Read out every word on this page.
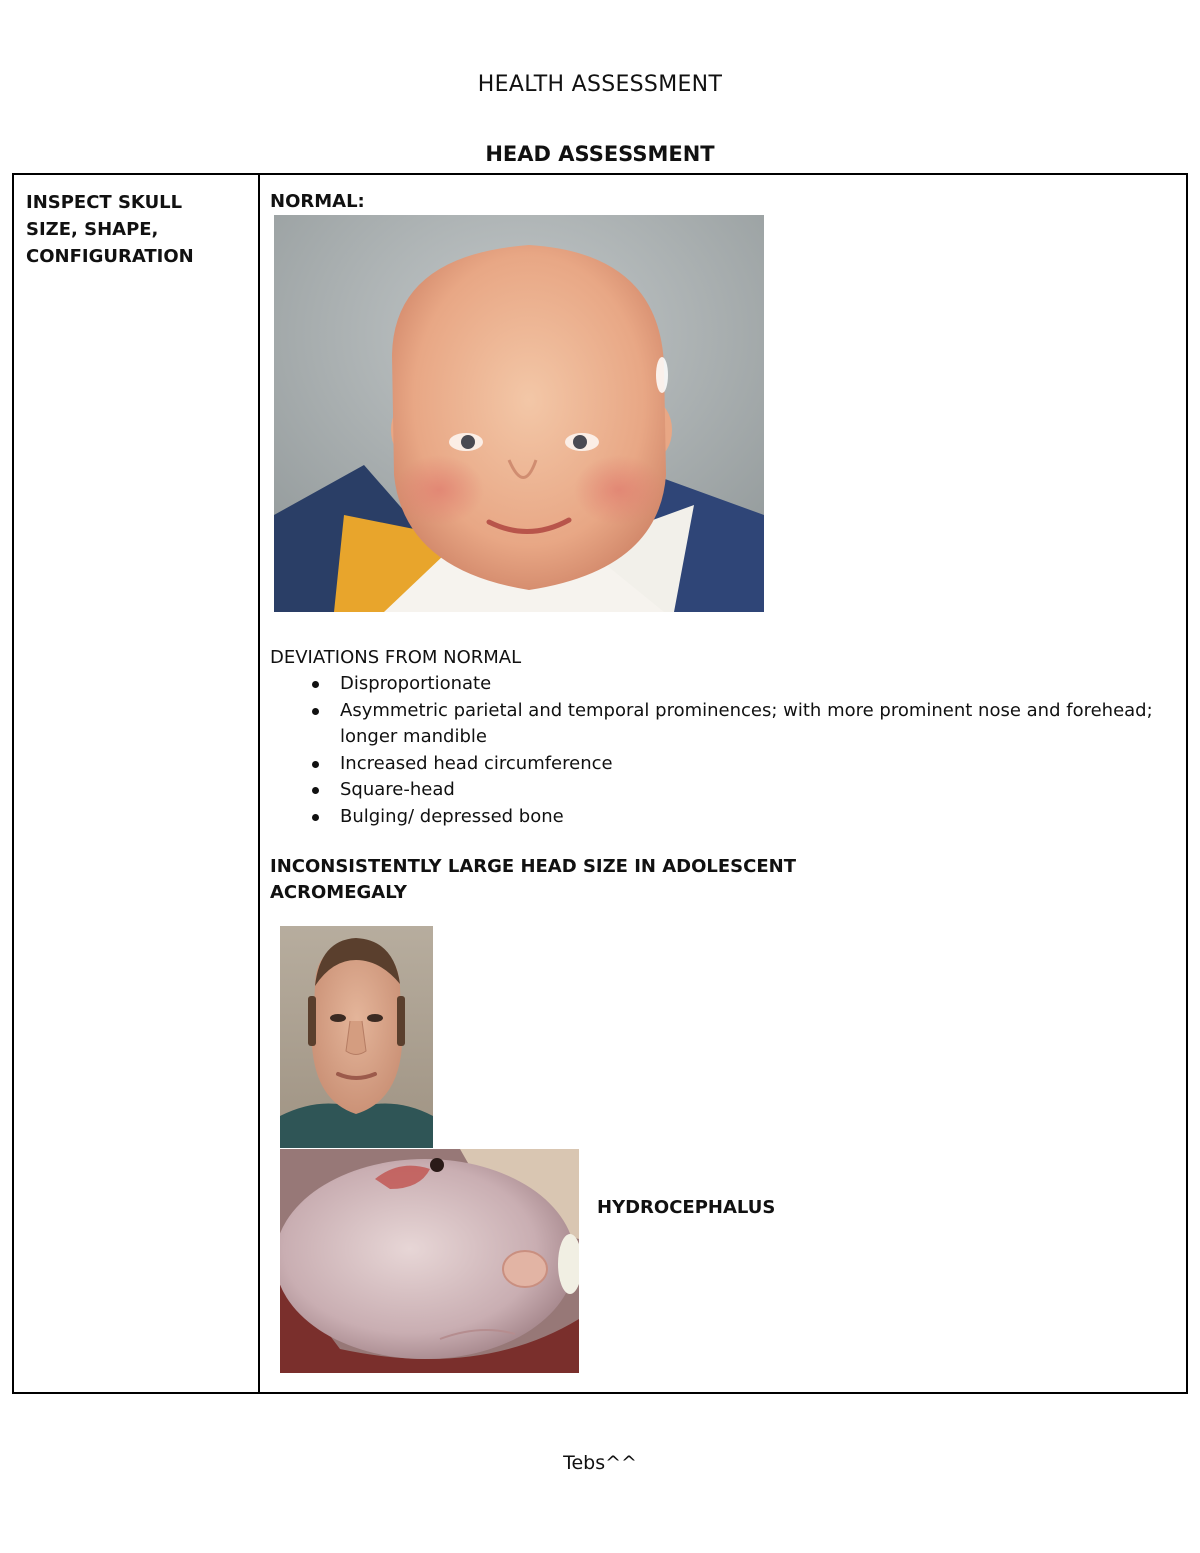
HEALTH ASSESSMENT
HEAD ASSESSMENT
INSPECT SKULL
SIZE, SHAPE,
CONFIGURATION

NORMAL:

DEVIATIONS FROM NORMAL

Disproportionate
Asymmetric parietal and temporal prominences; with more prominent nose and forehead; longer mandible
Increased head circumference
Square-head
Bulging/ depressed bone

INCONSISTENTLY LARGE HEAD SIZE IN ADOLESCENT

ACROMEGALY

HYDROCEPHALUS
Tebs^^
